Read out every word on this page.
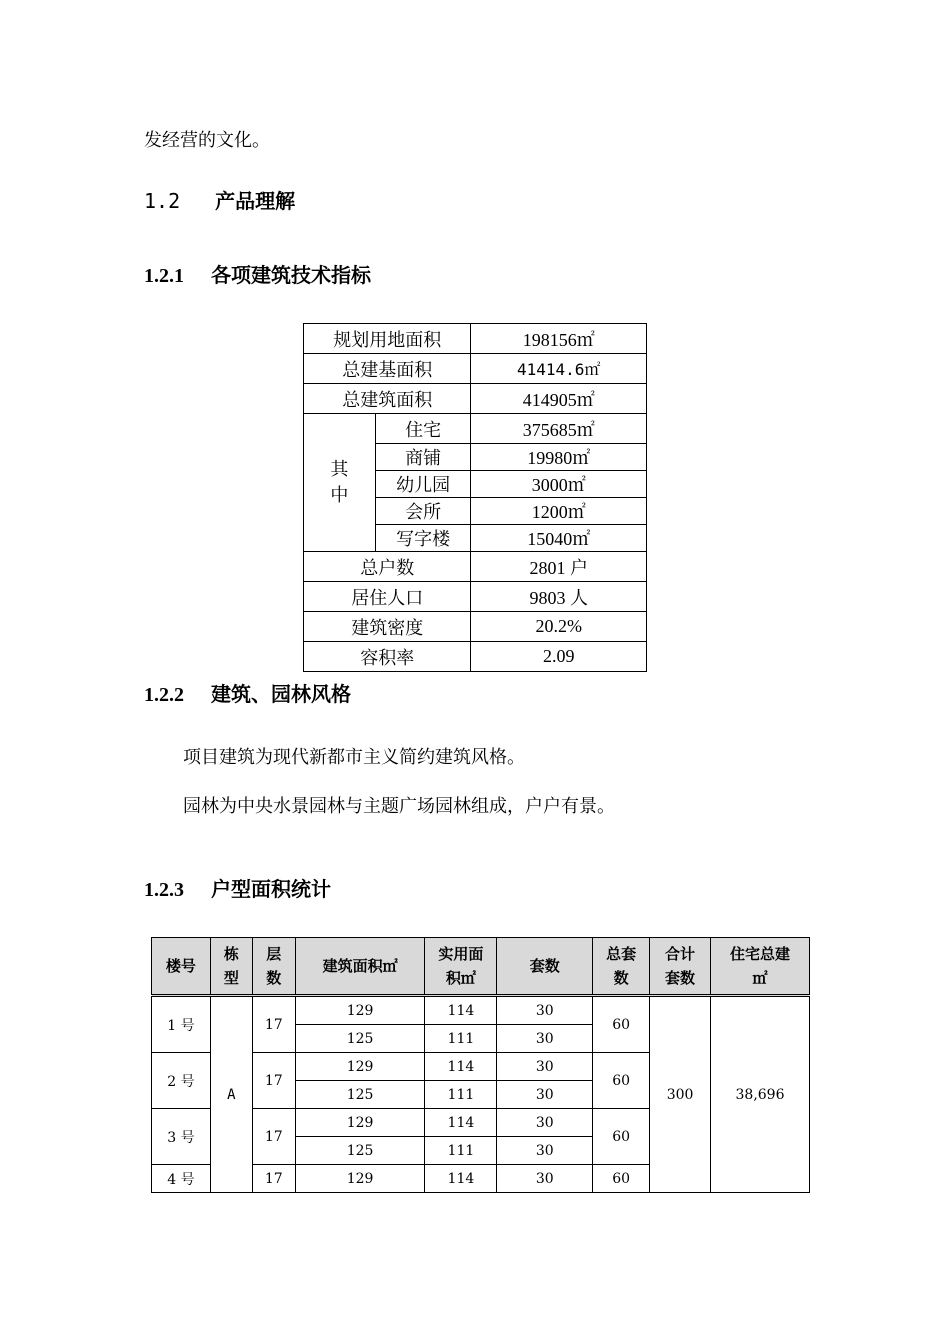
发经营的文化。
1.2 产品理解
1.2.1 各项建筑技术指标
规划用地面积		198156㎡
总建基面积		41414.6㎡
总建筑面积		414905㎡
其中	住宅	375685㎡
	商铺	19980㎡
	幼儿园	3000㎡
	会所	1200㎡
	写字楼	15040㎡
总户数		2801 户
居住人口		9803 人
建筑密度		20.2%
容积率		2.09
1.2.2 建筑、园林风格
项目建筑为现代新都市主义简约建筑风格。
园林为中央水景园林与主题广场园林组成，户户有景。
1.2.3 户型面积统计
楼号	栋型	层数	建筑面积㎡	实用面积㎡	套数	总套数	合计套数	住宅总建㎡
1 号	A	17	129	114	30	60	300	38,696
			125	111	30			
2 号		17	129	114	30	60		
			125	111	30			
3 号		17	129	114	30	60		
			125	111	30			
4 号		17	129	114	30	60		
